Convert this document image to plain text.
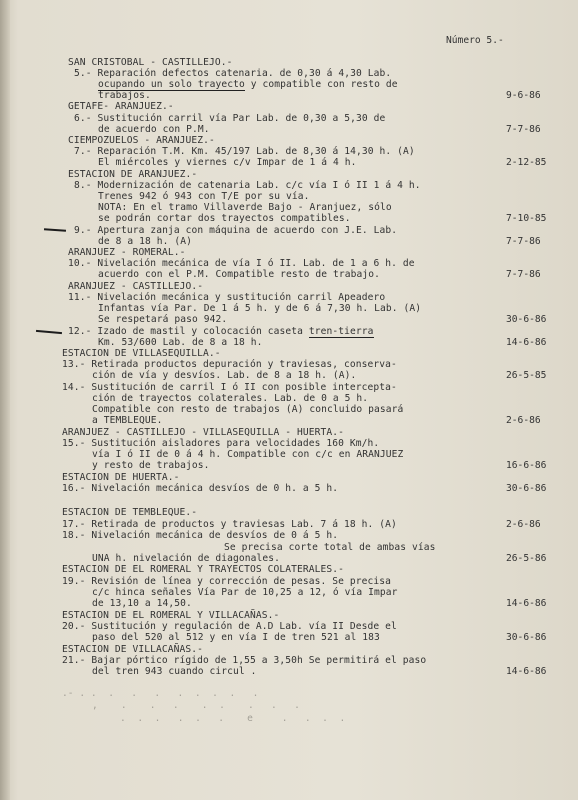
Número 5.-
SAN CRISTOBAL - CASTILLEJO.-
5.- Reparación defectos catenaria. de 0,30 á 4,30 Lab.
ocupando un solo trayecto y compatible con resto de
trabajos.	9-6-86
GETAFE- ARANJUEZ.-
6.- Sustitución carril vía Par Lab. de 0,30 a 5,30 de
de acuerdo con P.M.	7-7-86
CIEMPOZUELOS - ARANJUEZ.-
7.- Reparación T.M. Km. 45/197 Lab. de 8,30 á 14,30 h. (A)
El miércoles y viernes c/v Impar de 1 á 4 h.	2-12-85
ESTACION DE ARANJUEZ.-
8.- Modernización de catenaria Lab. c/c vía I ó II 1 á 4 h.
Trenes 942 ó 943 con T/E por su vía.
NOTA: En el tramo Villaverde Bajo - Aranjuez, sólo
se podrán cortar dos trayectos compatibles.	7-10-85
9.- Apertura zanja con máquina de acuerdo con J.E. Lab.
de 8 a 18 h. (A)	7-7-86
ARANJUEZ - ROMERAL.-
10.- Nivelación mecánica de vía I ó II. Lab. de 1 a 6 h. de
acuerdo con el P.M. Compatible resto de trabajo.	7-7-86
ARANJUEZ - CASTILLEJO.-
11.- Nivelación mecánica y sustitución carril Apeadero
Infantas vía Par. De 1 á 5 h. y de 6 á 7,30 h. Lab. (A)
Se respetará paso 942.	30-6-86
12.- Izado de mastil y colocación caseta tren-tierra
Km. 53/600 Lab. de 8 a 18 h.	14-6-86
ESTACION DE VILLASEQUILLA.-
13.- Retirada productos depuración y traviesas, conserva-
ción de vía y desvíos. Lab. de 8 a 18 h. (A).	26-5-85
14.- Sustitución de carril I ó II con posible intercepta-
ción de trayectos colaterales. Lab. de 0 a 5 h.
Compatible con resto de trabajos (A) concluido pasará
a TEMBLEQUE.	2-6-86
ARANJUEZ - CASTILLEJO - VILLASEQUILLA - HUERTA.-
15.- Sustitución aisladores para velocidades 160 Km/h.
vía I ó II de 0 á 4 h. Compatible con c/c en ARANJUEZ
y resto de trabajos.	16-6-86
ESTACION DE HUERTA.-
16.- Nivelación mecánica desvíos de 0 h. a 5 h.	30-6-86
ESTACION DE TEMBLEQUE.-
17.- Retirada de productos y traviesas Lab. 7 á 18 h. (A)	2-6-86
18.- Nivelación mecánica de desvíos de 0 á 5 h.
Se precisa corte total de ambas vías
UNA h. nivelación de diagonales.	26-5-86
ESTACION DE EL ROMERAL Y TRAYECTOS COLATERALES.-
19.- Revisión de línea y corrección de pesas. Se precisa
c/c hinca señales Vía Par de 10,25 a 12, ó vía Impar
de 13,10 a 14,50.	14-6-86
ESTACION DE EL ROMERAL Y VILLACAÑAS.-
20.- Sustitución y regulación de A.D Lab. vía II Desde el
paso del 520 al 512 y en vía I de tren 521 al 183	30-6-86
ESTACION DE VILLACAÑAS.-
21.- Bajar pórtico rígido de 1,55 a 3,50h Se permitirá el paso
del tren 943 cuando circul .	14-6-86
.- . .  .   .   .   .  .  .  .   .
,    .    .   .    .  .    .   .   .
.  .  .   .  .   .    e     .   .  .  .
